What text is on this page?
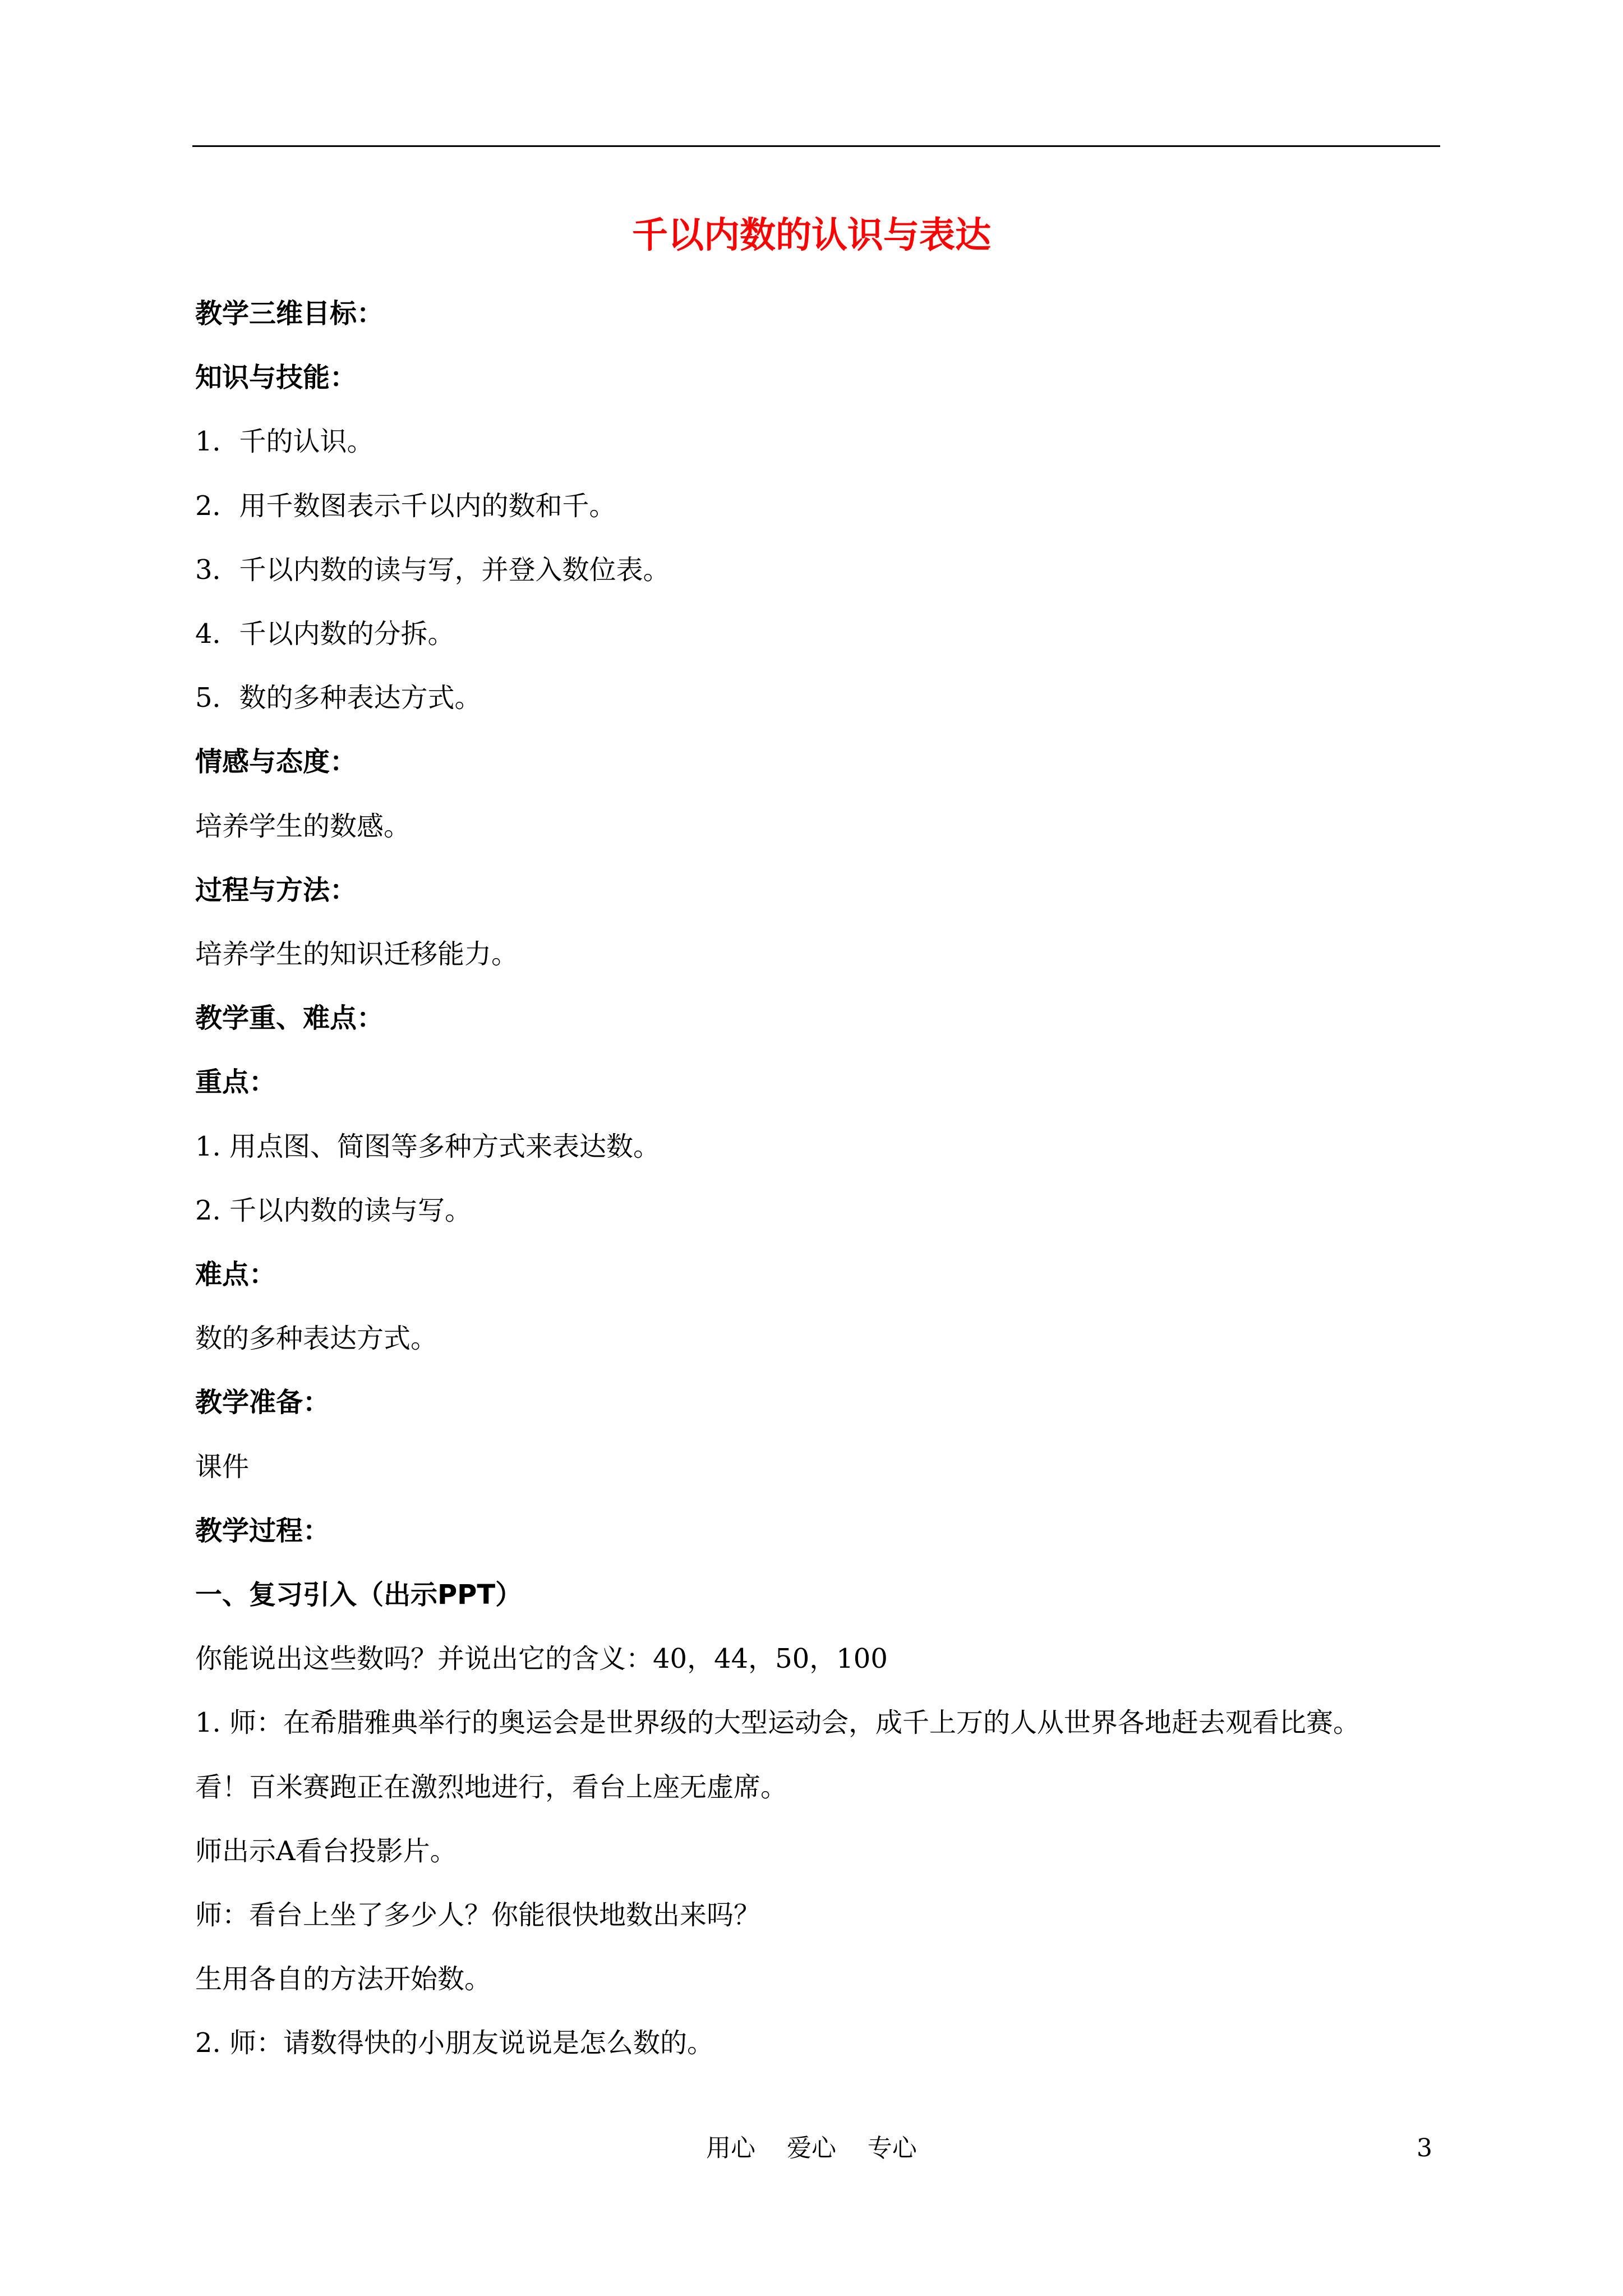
千以内数的认识与表达
教学三维目标：
知识与技能：
1．千的认识。
2．用千数图表示千以内的数和千。
3．千以内数的读与写，并登入数位表。
4．千以内数的分拆。
5．数的多种表达方式。
情感与态度：
培养学生的数感。
过程与方法：
培养学生的知识迁移能力。
教学重、难点：
重点：
1. 用点图、简图等多种方式来表达数。
2. 千以内数的读与写。
难点：
数的多种表达方式。
教学准备：
课件
教学过程：
一、复习引入（出示PPT）
你能说出这些数吗？并说出它的含义：40，44，50，100
1. 师：在希腊雅典举行的奥运会是世界级的大型运动会，成千上万的人从世界各地赶去观看比赛。
看！百米赛跑正在激烈地进行，看台上座无虚席。
师出示A看台投影片。
师：看台上坐了多少人？你能很快地数出来吗？
生用各自的方法开始数。
2. 师：请数得快的小朋友说说是怎么数的。
用心    爱心    专心	3
